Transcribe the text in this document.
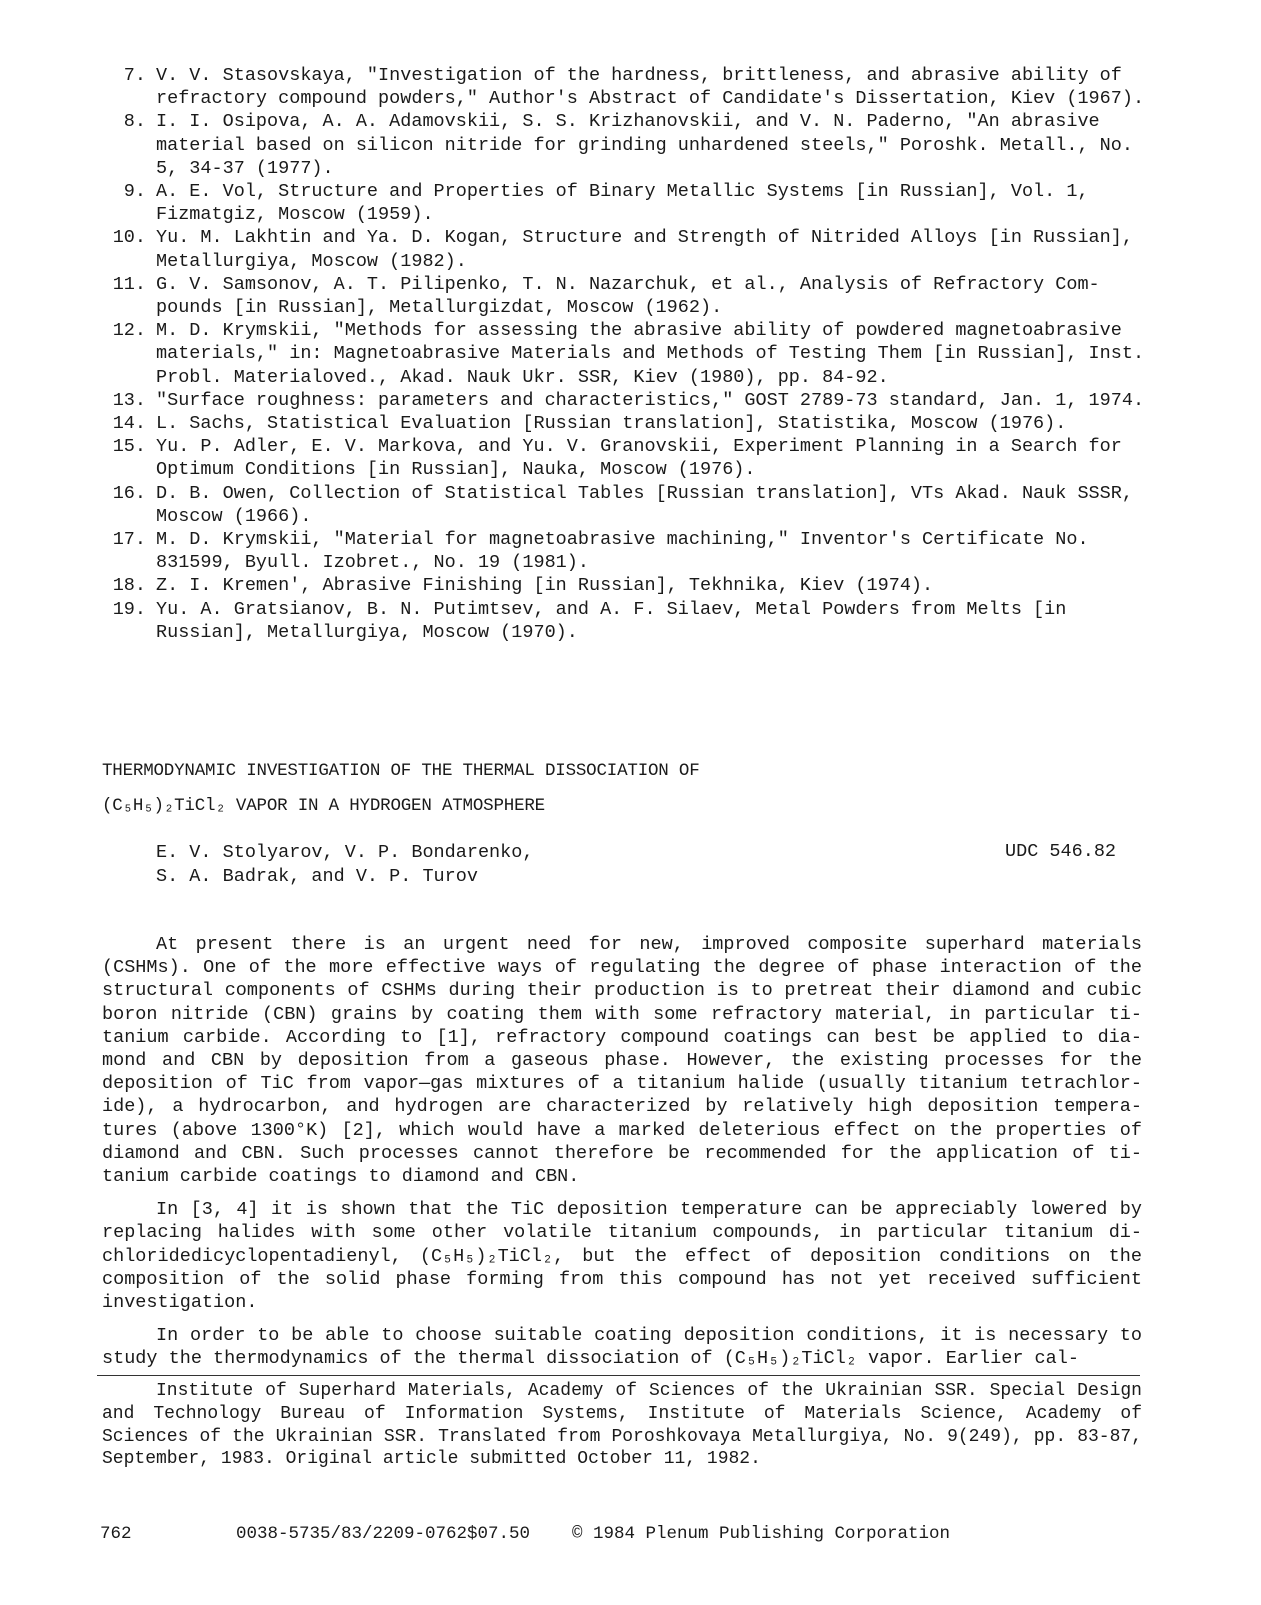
7. V. V. Stasovskaya, "Investigation of the hardness, brittleness, and abrasive ability of refractory compound powders," Author's Abstract of Candidate's Dissertation, Kiev (1967).
8. I. I. Osipova, A. A. Adamovskii, S. S. Krizhanovskii, and V. N. Paderno, "An abrasive material based on silicon nitride for grinding unhardened steels," Poroshk. Metall., No. 5, 34-37 (1977).
9. A. E. Vol, Structure and Properties of Binary Metallic Systems [in Russian], Vol. 1, Fizmatgiz, Moscow (1959).
10. Yu. M. Lakhtin and Ya. D. Kogan, Structure and Strength of Nitrided Alloys [in Russian], Metallurgiya, Moscow (1982).
11. G. V. Samsonov, A. T. Pilipenko, T. N. Nazarchuk, et al., Analysis of Refractory Com-pounds [in Russian], Metallurgizdat, Moscow (1962).
12. M. D. Krymskii, "Methods for assessing the abrasive ability of powdered magnetoabrasive materials," in: Magnetoabrasive Materials and Methods of Testing Them [in Russian], Inst. Probl. Materialoved., Akad. Nauk Ukr. SSR, Kiev (1980), pp. 84-92.
13. "Surface roughness: parameters and characteristics," GOST 2789-73 standard, Jan. 1, 1974.
14. L. Sachs, Statistical Evaluation [Russian translation], Statistika, Moscow (1976).
15. Yu. P. Adler, E. V. Markova, and Yu. V. Granovskii, Experiment Planning in a Search for Optimum Conditions [in Russian], Nauka, Moscow (1976).
16. D. B. Owen, Collection of Statistical Tables [Russian translation], VTs Akad. Nauk SSSR, Moscow (1966).
17. M. D. Krymskii, "Material for magnetoabrasive machining," Inventor's Certificate No. 831599, Byull. Izobret., No. 19 (1981).
18. Z. I. Kremen', Abrasive Finishing [in Russian], Tekhnika, Kiev (1974).
19. Yu. A. Gratsianov, B. N. Putimtsev, and A. F. Silaev, Metal Powders from Melts [in Russian], Metallurgiya, Moscow (1970).
THERMODYNAMIC INVESTIGATION OF THE THERMAL DISSOCIATION OF
(C₅H₅)₂TiCl₂ VAPOR IN A HYDROGEN ATMOSPHERE
E. V. Stolyarov, V. P. Bondarenko,
S. A. Badrak, and V. P. Turov
UDC 546.82

At present there is an urgent need for new, improved composite superhard materials (CSHMs). One of the more effective ways of regulating the degree of phase interaction of the structural components of CSHMs during their production is to pretreat their diamond and cubic boron nitride (CBN) grains by coating them with some refractory material, in particular ti-tanium carbide. According to [1], refractory compound coatings can best be applied to dia-mond and CBN by deposition from a gaseous phase. However, the existing processes for the deposition of TiC from vapor—gas mixtures of a titanium halide (usually titanium tetrachlor-ide), a hydrocarbon, and hydrogen are characterized by relatively high deposition tempera-tures (above 1300°K) [2], which would have a marked deleterious effect on the properties of diamond and CBN. Such processes cannot therefore be recommended for the application of ti-tanium carbide coatings to diamond and CBN.

In [3, 4] it is shown that the TiC deposition temperature can be appreciably lowered by replacing halides with some other volatile titanium compounds, in particular titanium di-chloridedicyclopentadienyl, (C₅H₅)₂TiCl₂, but the effect of deposition conditions on the composition of the solid phase forming from this compound has not yet received sufficient investigation.

In order to be able to choose suitable coating deposition conditions, it is necessary to study the thermodynamics of the thermal dissociation of (C₅H₅)₂TiCl₂ vapor. Earlier cal-

Institute of Superhard Materials, Academy of Sciences of the Ukrainian SSR. Special Design and Technology Bureau of Information Systems, Institute of Materials Science, Academy of Sciences of the Ukrainian SSR. Translated from Poroshkovaya Metallurgiya, No. 9(249), pp. 83-87, September, 1983. Original article submitted October 11, 1982.
762	0038-5735/83/2209-0762$07.50 © 1984 Plenum Publishing Corporation
